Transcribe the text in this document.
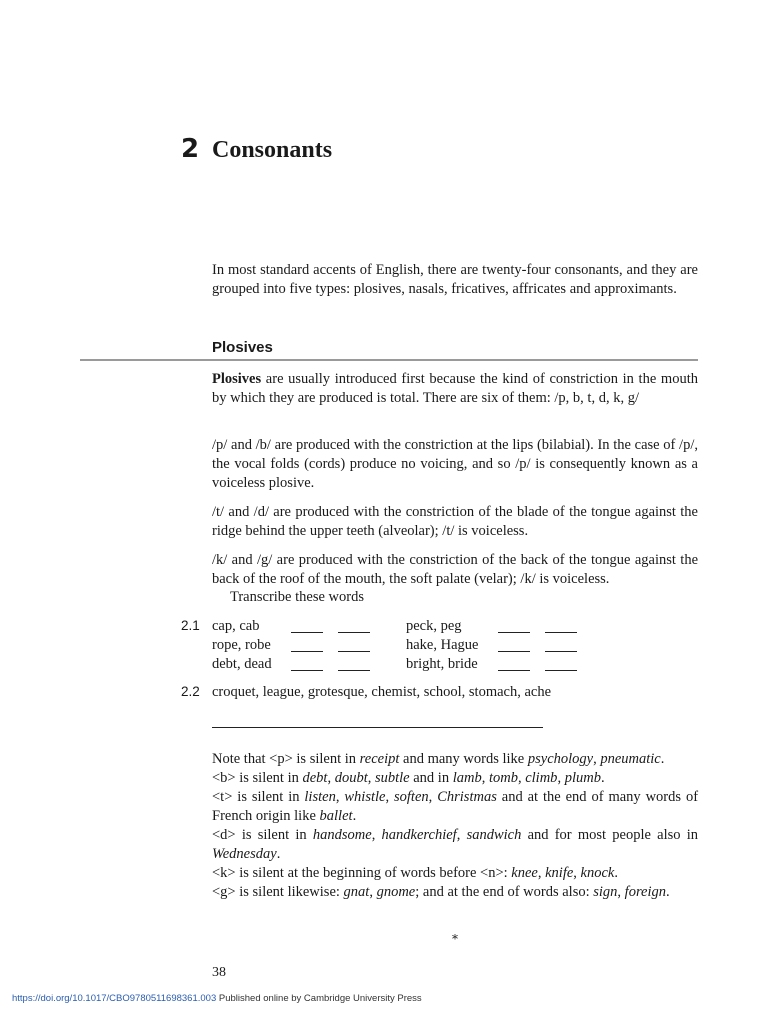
2 Consonants

In most standard accents of English, there are twenty-four consonants, and they are grouped into five types: plosives, nasals, fricatives, affricates and approximants.

Plosives

Plosives are usually introduced first because the kind of constriction in the mouth by which they are produced is total. There are six of them: /p, b, t, d, k, g/

/p/ and /b/ are produced with the constriction at the lips (bilabial). In the case of /p/, the vocal folds (cords) produce no voicing, and so /p/ is consequently known as a voiceless plosive.

/t/ and /d/ are produced with the constriction of the blade of the tongue against the ridge behind the upper teeth (alveolar); /t/ is voiceless.

/k/ and /g/ are produced with the constriction of the back of the tongue against the back of the roof of the mouth, the soft palate (velar); /k/ is voiceless.

Transcribe these words
2.1 cap, cab	peck, peg
rope, robe	hake, Hague
debt, dead	bright, bride
2.2 croquet, league, grotesque, chemist, school, stomach, ache

Note that <p> is silent in receipt and many words like psychology, pneumatic.

<b> is silent in debt, doubt, subtle and in lamb, tomb, climb, plumb.

<t> is silent in listen, whistle, soften, Christmas and at the end of many words of French origin like ballet.

<d> is silent in handsome, handkerchief, sandwich and for most people also in Wednesday.

<k> is silent at the beginning of words before <n>: knee, knife, knock.

<g> is silent likewise: gnat, gnome; and at the end of words also: sign, foreign.

*
38
https://doi.org/10.1017/CBO9780511698361.003 Published online by Cambridge University Press
